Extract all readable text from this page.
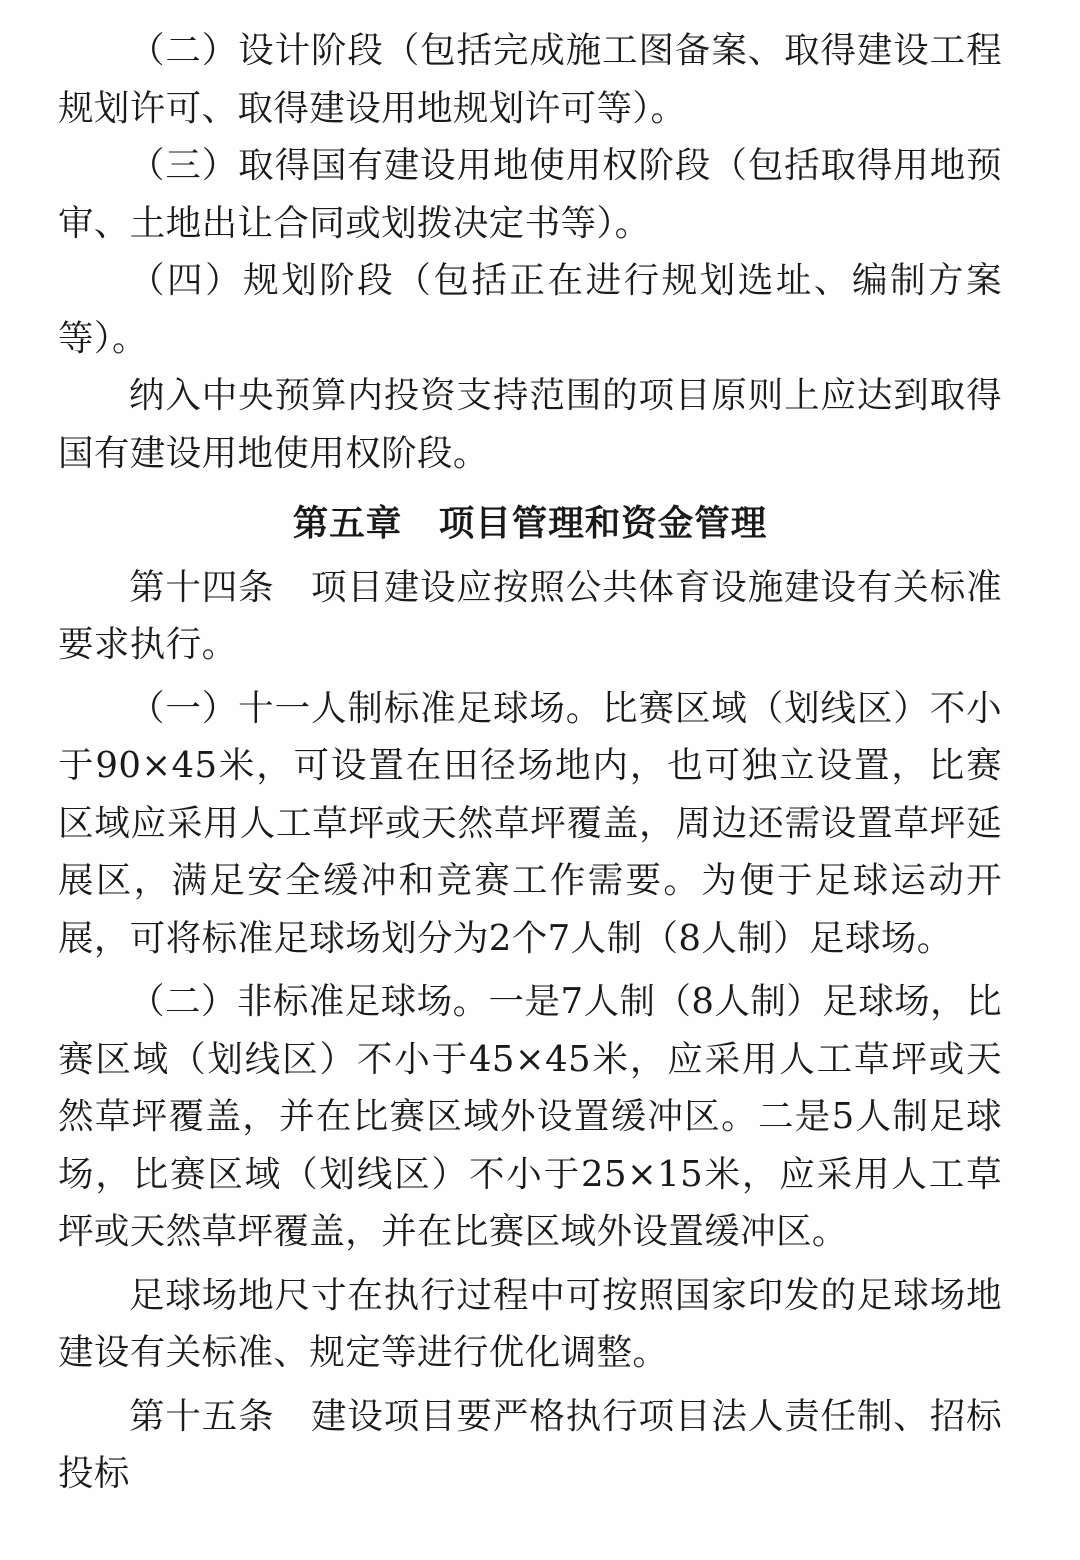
（二）设计阶段（包括完成施工图备案、取得建设工程规划许可、取得建设用地规划许可等）。

（三）取得国有建设用地使用权阶段（包括取得用地预审、土地出让合同或划拨决定书等）。

（四）规划阶段（包括正在进行规划选址、编制方案等）。

纳入中央预算内投资支持范围的项目原则上应达到取得国有建设用地使用权阶段。

第五章　项目管理和资金管理

第十四条　项目建设应按照公共体育设施建设有关标准要求执行。

（一）十一人制标准足球场。比赛区域（划线区）不小于90×45米，可设置在田径场地内，也可独立设置，比赛区域应采用人工草坪或天然草坪覆盖，周边还需设置草坪延展区，满足安全缓冲和竞赛工作需要。为便于足球运动开展，可将标准足球场划分为2个7人制（8人制）足球场。

（二）非标准足球场。一是7人制（8人制）足球场，比赛区域（划线区）不小于45×45米，应采用人工草坪或天然草坪覆盖，并在比赛区域外设置缓冲区。二是5人制足球场，比赛区域（划线区）不小于25×15米，应采用人工草坪或天然草坪覆盖，并在比赛区域外设置缓冲区。

足球场地尺寸在执行过程中可按照国家印发的足球场地建设有关标准、规定等进行优化调整。

第十五条　建设项目要严格执行项目法人责任制、招标投标
